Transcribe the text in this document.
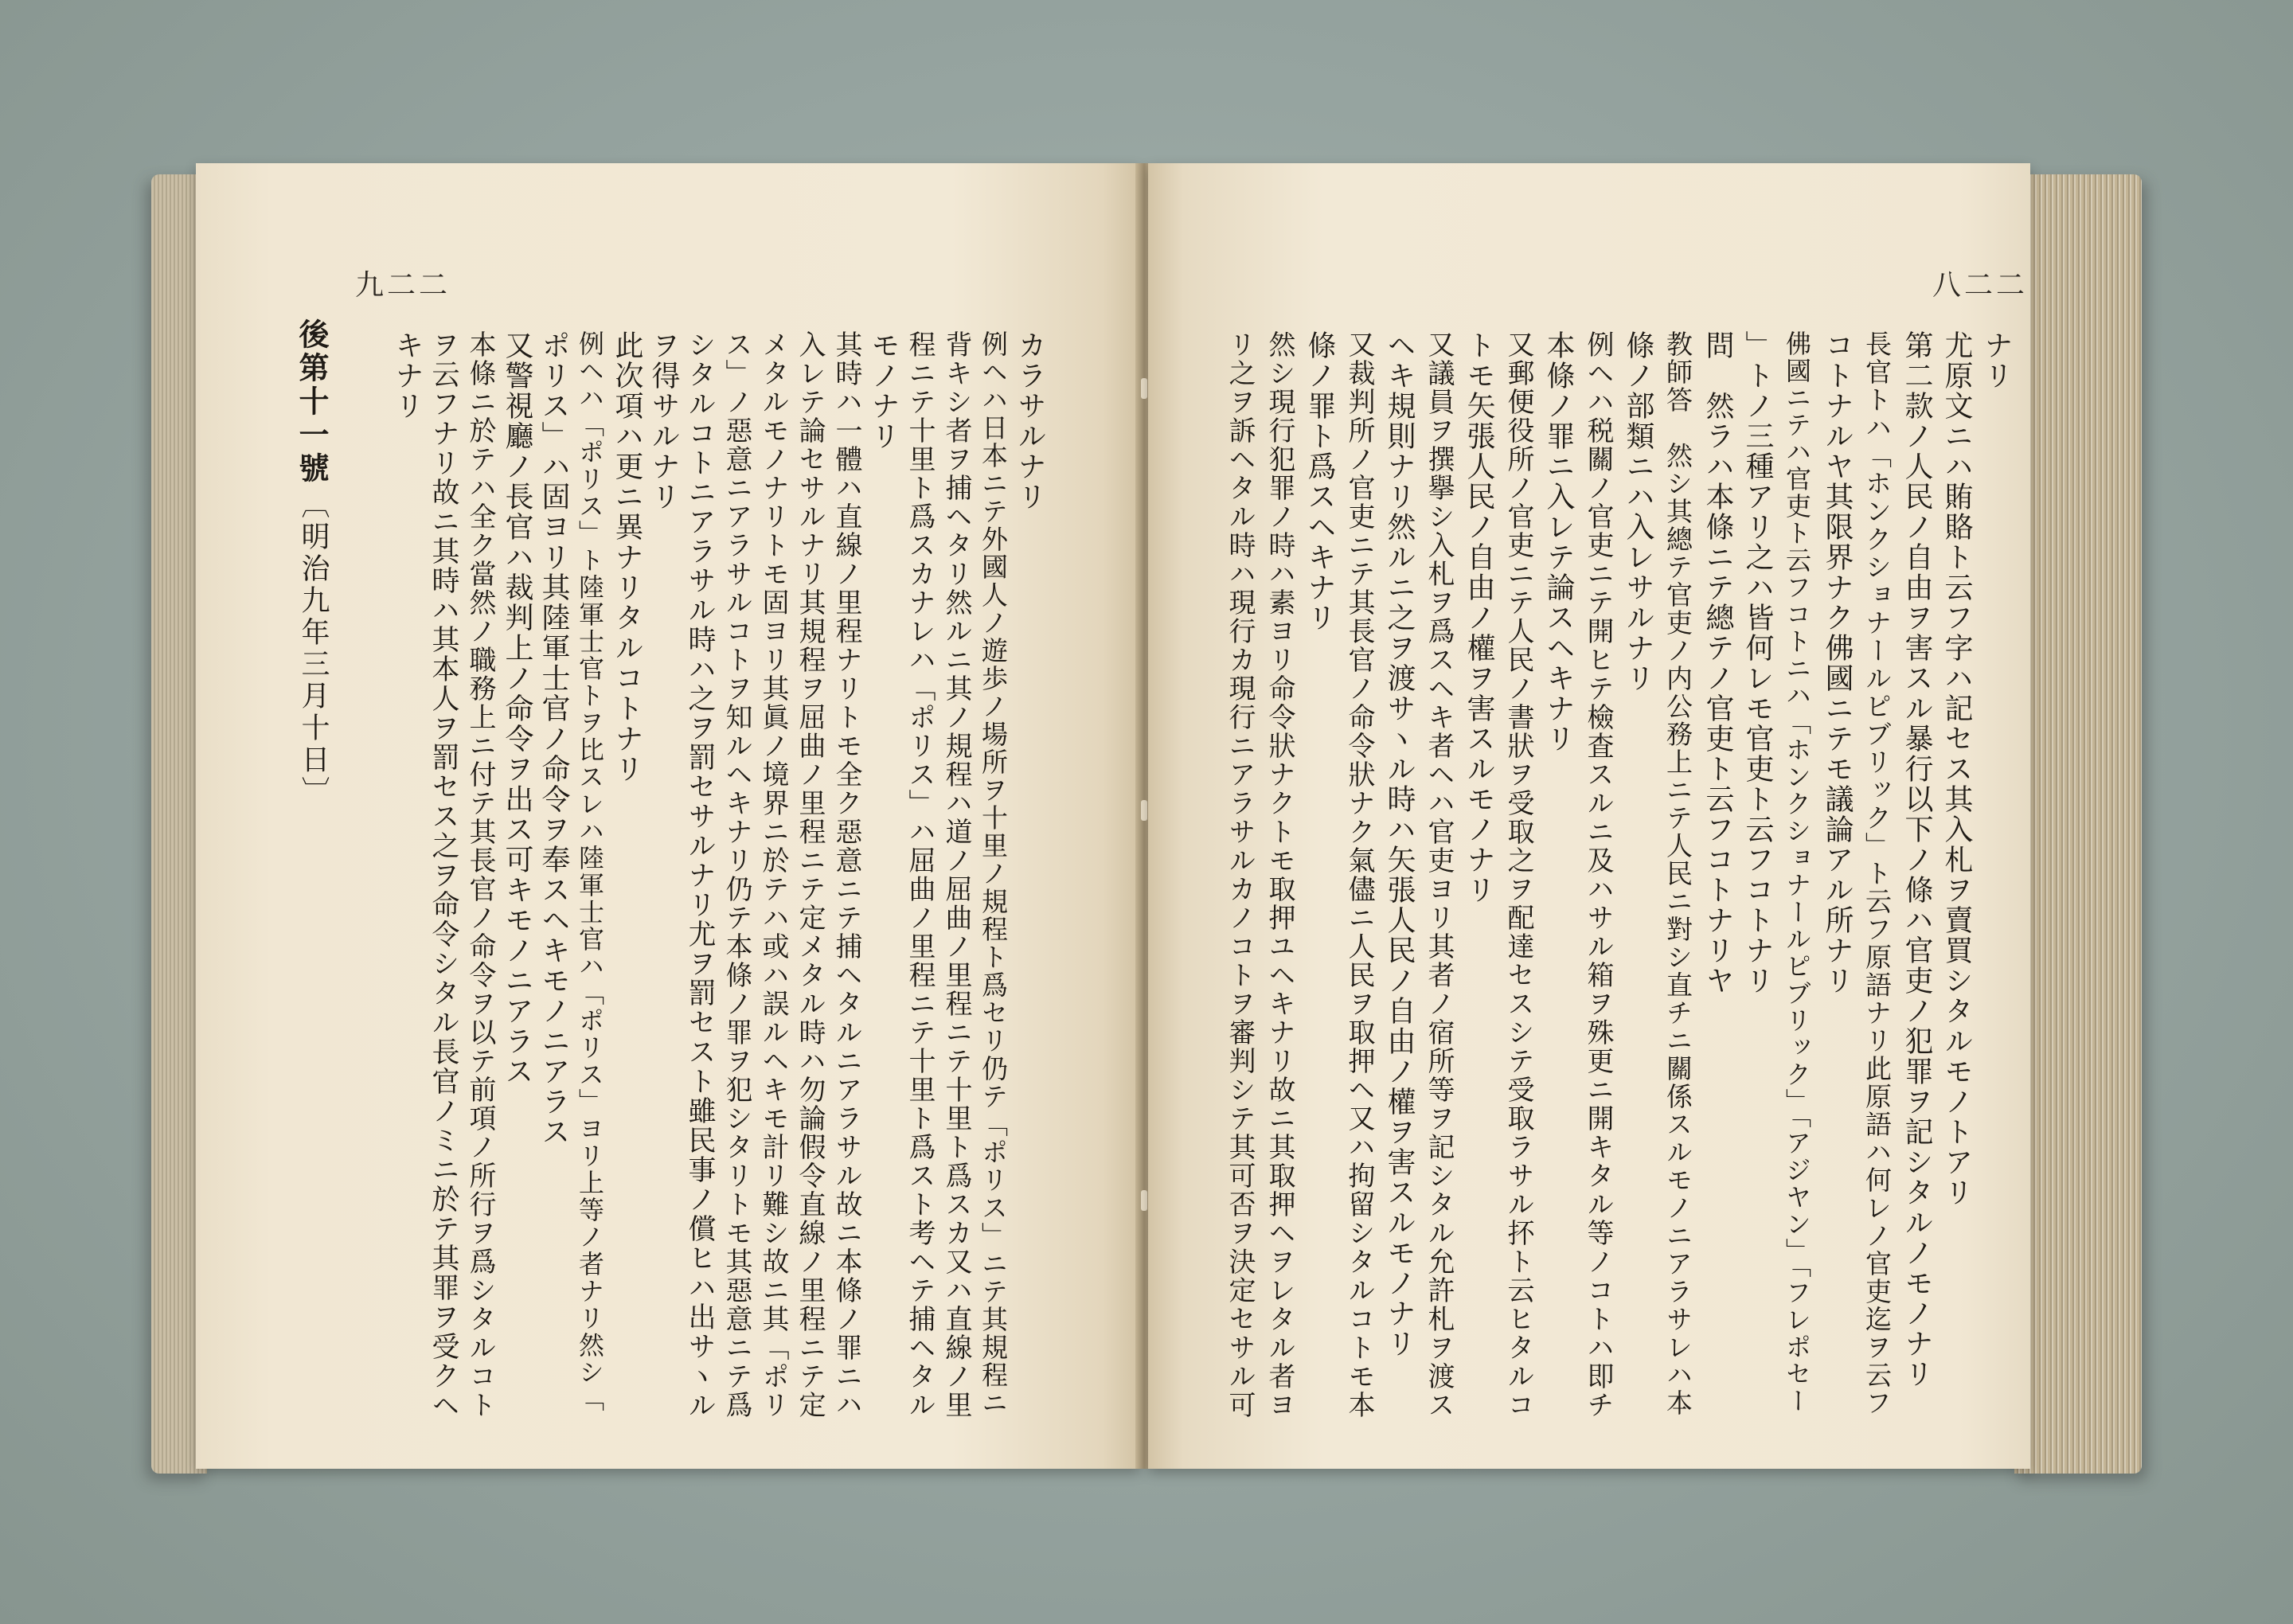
九二二
後第十一號
〔明治九年三月十日〕
カラサルナリ
例ヘハ日本ニテ外國人ノ遊歩ノ場所ヲ十里ノ規程ト爲セリ仍テ「ポリス」ニテ其規程ニ
背キシ者ヲ捕ヘタリ然ルニ其ノ規程ハ道ノ屈曲ノ里程ニテ十里ト爲スカ又ハ直線ノ里
程ニテ十里ト爲スカナレハ「ポリス」ハ屈曲ノ里程ニテ十里ト爲スト考ヘテ捕ヘタル
モノナリ
其時ハ一體ハ直線ノ里程ナリトモ全ク惡意ニテ捕ヘタルニアラサル故ニ本條ノ罪ニハ
入レテ論セサルナリ其規程ヲ屈曲ノ里程ニテ定メタル時ハ勿論假令直線ノ里程ニテ定
メタルモノナリトモ固ヨリ其眞ノ境界ニ於テハ或ハ誤ルヘキモ計リ難シ故ニ其「ポリ
ス」ノ惡意ニアラサルコトヲ知ルヘキナリ仍テ本條ノ罪ヲ犯シタリトモ其惡意ニテ爲
シタルコトニアラサル時ハ之ヲ罰セサルナリ尤ヲ罰セスト雖民事ノ償ヒハ出サヽル
ヲ得サルナリ
此次項ハ更ニ異ナリタルコトナリ
例ヘハ「ポリス」ト陸軍士官トヲ比スレハ陸軍士官ハ「ポリス」ヨリ上等ノ者ナリ然シ「
ポリス」ハ固ヨリ其陸軍士官ノ命令ヲ奉スヘキモノニアラス
又警視廳ノ長官ハ裁判上ノ命令ヲ出ス可キモノニアラス
本條ニ於テハ全ク當然ノ職務上ニ付テ其長官ノ命令ヲ以テ前項ノ所行ヲ爲シタルコト
ヲ云フナリ故ニ其時ハ其本人ヲ罰セス之ヲ命令シタル長官ノミニ於テ其罪ヲ受クヘ
キナリ
八二二
ナリ
尤原文ニハ賄賂ト云フ字ハ記セス其入札ヲ賣買シタルモノトアリ
第二款ノ人民ノ自由ヲ害スル暴行以下ノ條ハ官吏ノ犯罪ヲ記シタルノモノナリ
長官トハ「ホンクショナールピブリック」ト云フ原語ナリ此原語ハ何レノ官吏迄ヲ云フ
コトナルヤ其限界ナク佛國ニテモ議論アル所ナリ
佛國ニテハ官吏ト云フコトニハ「ホンクショナールピブリック」「アジヤン」「フレポセー
」トノ三種アリ之ハ皆何レモ官吏ト云フコトナリ
問　然ラハ本條ニテ總テノ官吏ト云フコトナリヤ
教師答　然シ其總テ官吏ノ内公務上ニテ人民ニ對シ直チニ關係スルモノニアラサレハ本
條ノ部類ニハ入レサルナリ
例ヘハ税關ノ官吏ニテ開ヒテ檢査スルニ及ハサル箱ヲ殊更ニ開キタル等ノコトハ即チ
本條ノ罪ニ入レテ論スヘキナリ
又郵便役所ノ官吏ニテ人民ノ書狀ヲ受取之ヲ配達セスシテ受取ラサル抔ト云ヒタルコ
トモ矢張人民ノ自由ノ權ヲ害スルモノナリ
又議員ヲ撰擧シ入札ヲ爲スヘキ者ヘハ官吏ヨリ其者ノ宿所等ヲ記シタル允許札ヲ渡ス
ヘキ規則ナリ然ルニ之ヲ渡サヽル時ハ矢張人民ノ自由ノ權ヲ害スルモノナリ
又裁判所ノ官吏ニテ其長官ノ命令狀ナク氣儘ニ人民ヲ取押ヘ又ハ拘留シタルコトモ本
條ノ罪ト爲スヘキナリ
然シ現行犯罪ノ時ハ素ヨリ命令狀ナクトモ取押ユヘキナリ故ニ其取押ヘヲレタル者ヨ
リ之ヲ訴ヘタル時ハ現行カ現行ニアラサルカノコトヲ審判シテ其可否ヲ決定セサル可
